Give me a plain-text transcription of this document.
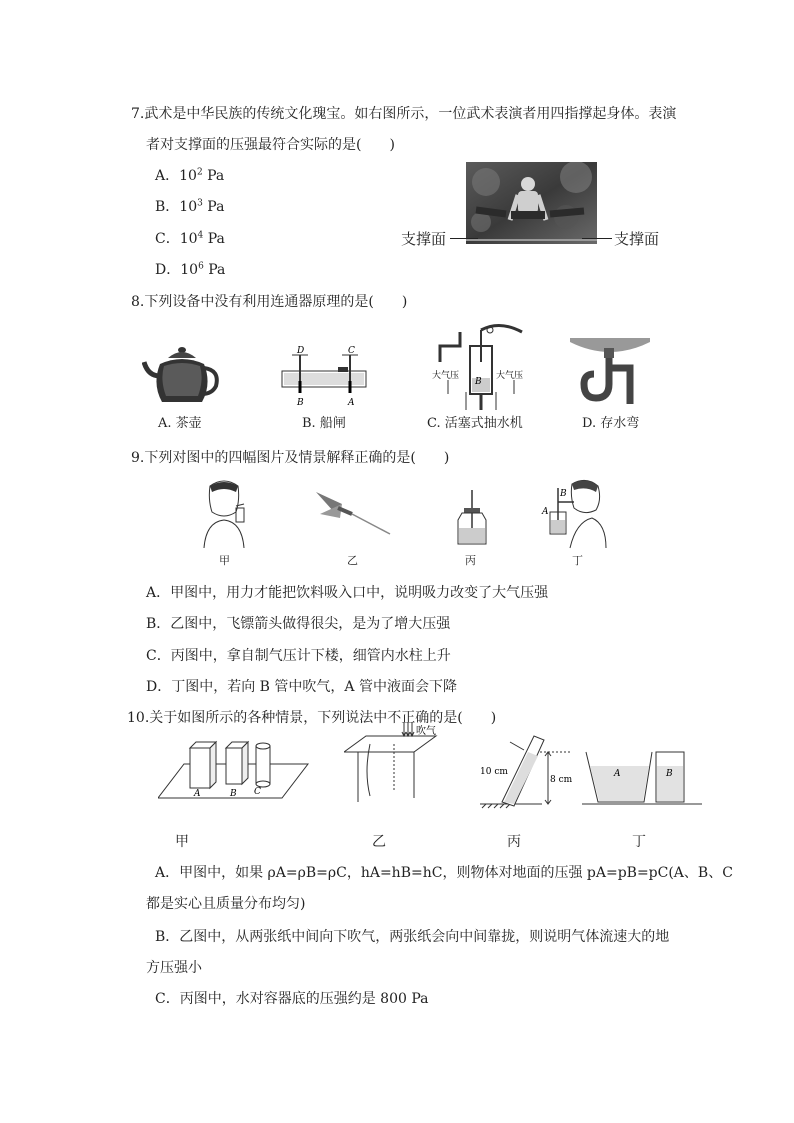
7.武术是中华民族的传统文化瑰宝。如右图所示，一位武术表演者用四指撑起身体。表演
者对支撑面的压强最符合实际的是(　　)
A．$10^2$ Pa
B．$10^3$ Pa
C．$10^4$ Pa
D．$10^6$ Pa
支撑面	支撑面
8.下列设备中没有利用连通器原理的是(　　)
A. 茶壶
D	C
B	A
B. 船闸
大气压	大气压
B
C. 活塞式抽水机	D. 存水弯
9.下列对图中的四幅图片及情景解释正确的是(　　)
甲	乙	丙
B
A
丁
A．甲图中，用力才能把饮料吸入口中，说明吸力改变了大气压强
B．乙图中，飞镖箭头做得很尖，是为了增大压强
C．丙图中，拿自制气压计下楼，细管内水柱上升
D．丁图中，若向 B 管中吹气，A 管中液面会下降
10.关于如图所示的各种情景，下列说法中不正确的是(　　)
A	B C
甲
吹气
乙
10 cm
8 cm
丙
A	B
丁
A．甲图中，如果 ρA=ρB=ρC，hA=hB=hC，则物体对地面的压强 pA=pB=pC(A、B、C
都是实心且质量分布均匀)
B．乙图中，从两张纸中间向下吹气，两张纸会向中间靠拢，则说明气体流速大的地
方压强小
C．丙图中，水对容器底的压强约是 800 Pa
